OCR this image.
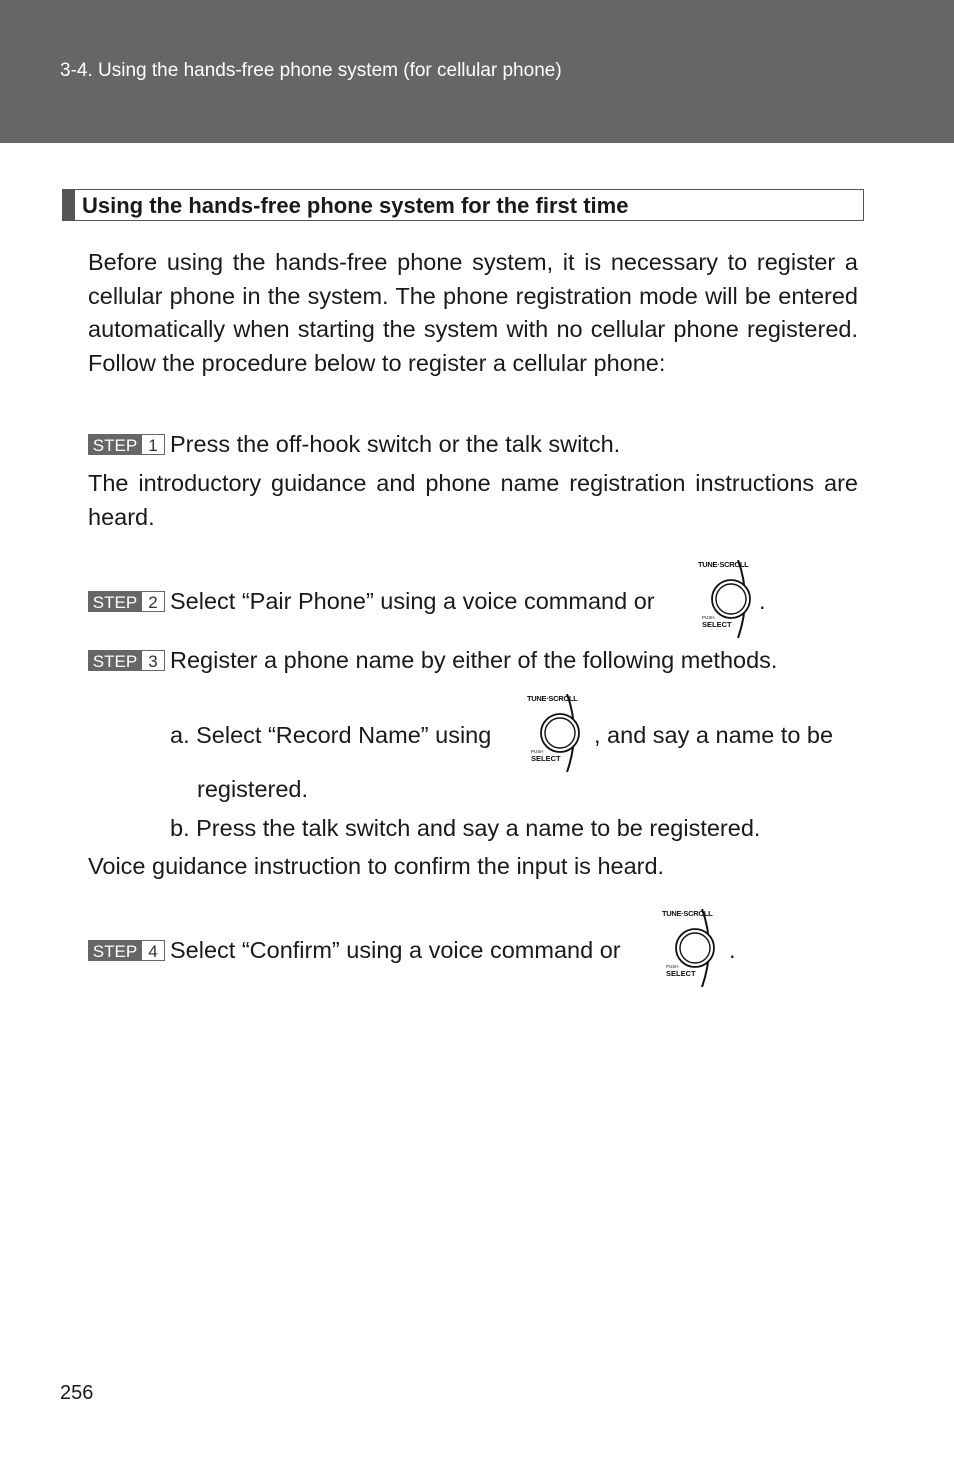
3-4. Using the hands-free phone system (for cellular phone)
Using the hands-free phone system for the first time

Before using the hands-free phone system, it is necessary to register a cellular phone in the system. The phone registration mode will be entered automatically when starting the system with no cellular phone registered. Follow the procedure below to register a cellular phone:

STEP 1 Press the off-hook switch or the talk switch.

The introductory guidance and phone name registration instructions are heard.

STEP 2 Select “Pair Phone” using a voice command or
TUNE·SCROLL
PUSH
SELECT
.
STEP 3 Register a phone name by either of the following methods.
a. Select “Record Name” using
TUNE·SCROLL
PUSH
SELECT
, and say a name to be
registered.
b. Press the talk switch and say a name to be registered.
Voice guidance instruction to confirm the input is heard.
STEP 4 Select “Confirm” using a voice command or
TUNE·SCROLL
PUSH
SELECT
.
256
